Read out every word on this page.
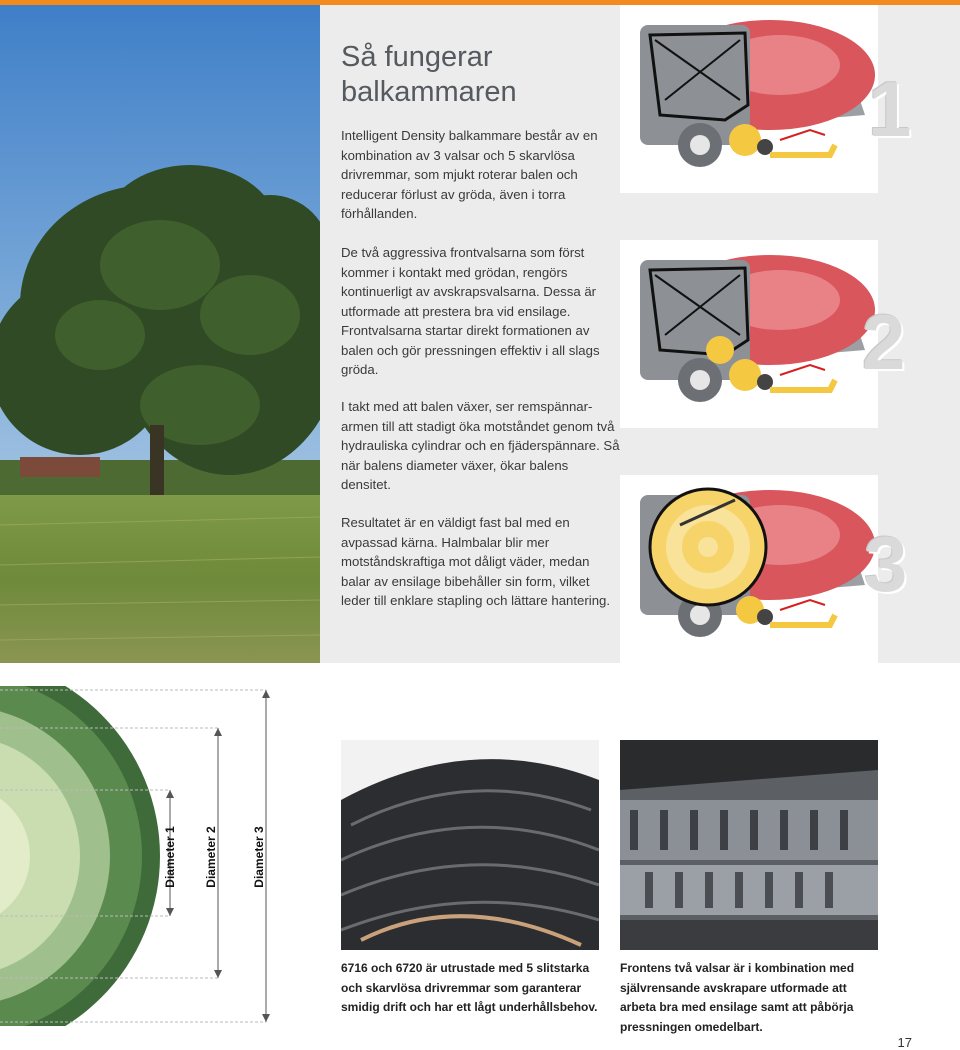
Så fungerar balkammaren

Intelligent Density balkammare består av en kombination av 3 valsar och 5 skarvlösa drivremmar, som mjukt roterar balen och reducerar förlust av gröda, även i torra förhållanden.

De två aggressiva frontvalsarna som först kommer i kontakt med grödan, rengörs kontinuerligt av avskrapsvalsarna. Dessa är utformade att prestera bra vid ensilage. Frontvalsarna startar direkt formationen av balen och gör pressningen effektiv i all slags gröda.

I takt med att balen växer, ser remspännar-armen till att stadigt öka motståndet genom två hydrauliska cylindrar och en fjäderspännare. Så när balens diameter växer, ökar balens densitet.

Resultatet är en väldigt fast bal med en avpassad kärna. Halmbalar blir mer motståndskraftiga mot dåligt väder, medan balar av ensilage bibehåller sin form, vilket leder till enklare stapling och lättare hantering.

1
2
3
Diameter 1 Diameter 2	Diameter 3

6716 och 6720 är utrustade med 5 slitstarka och skarvlösa drivremmar som garanterar smidig drift och har ett lågt underhållsbehov.

Frontens två valsar är i kombination med självrensande avskrapare utformade att arbeta bra med ensilage samt att påbörja pressningen omedelbart.

17
